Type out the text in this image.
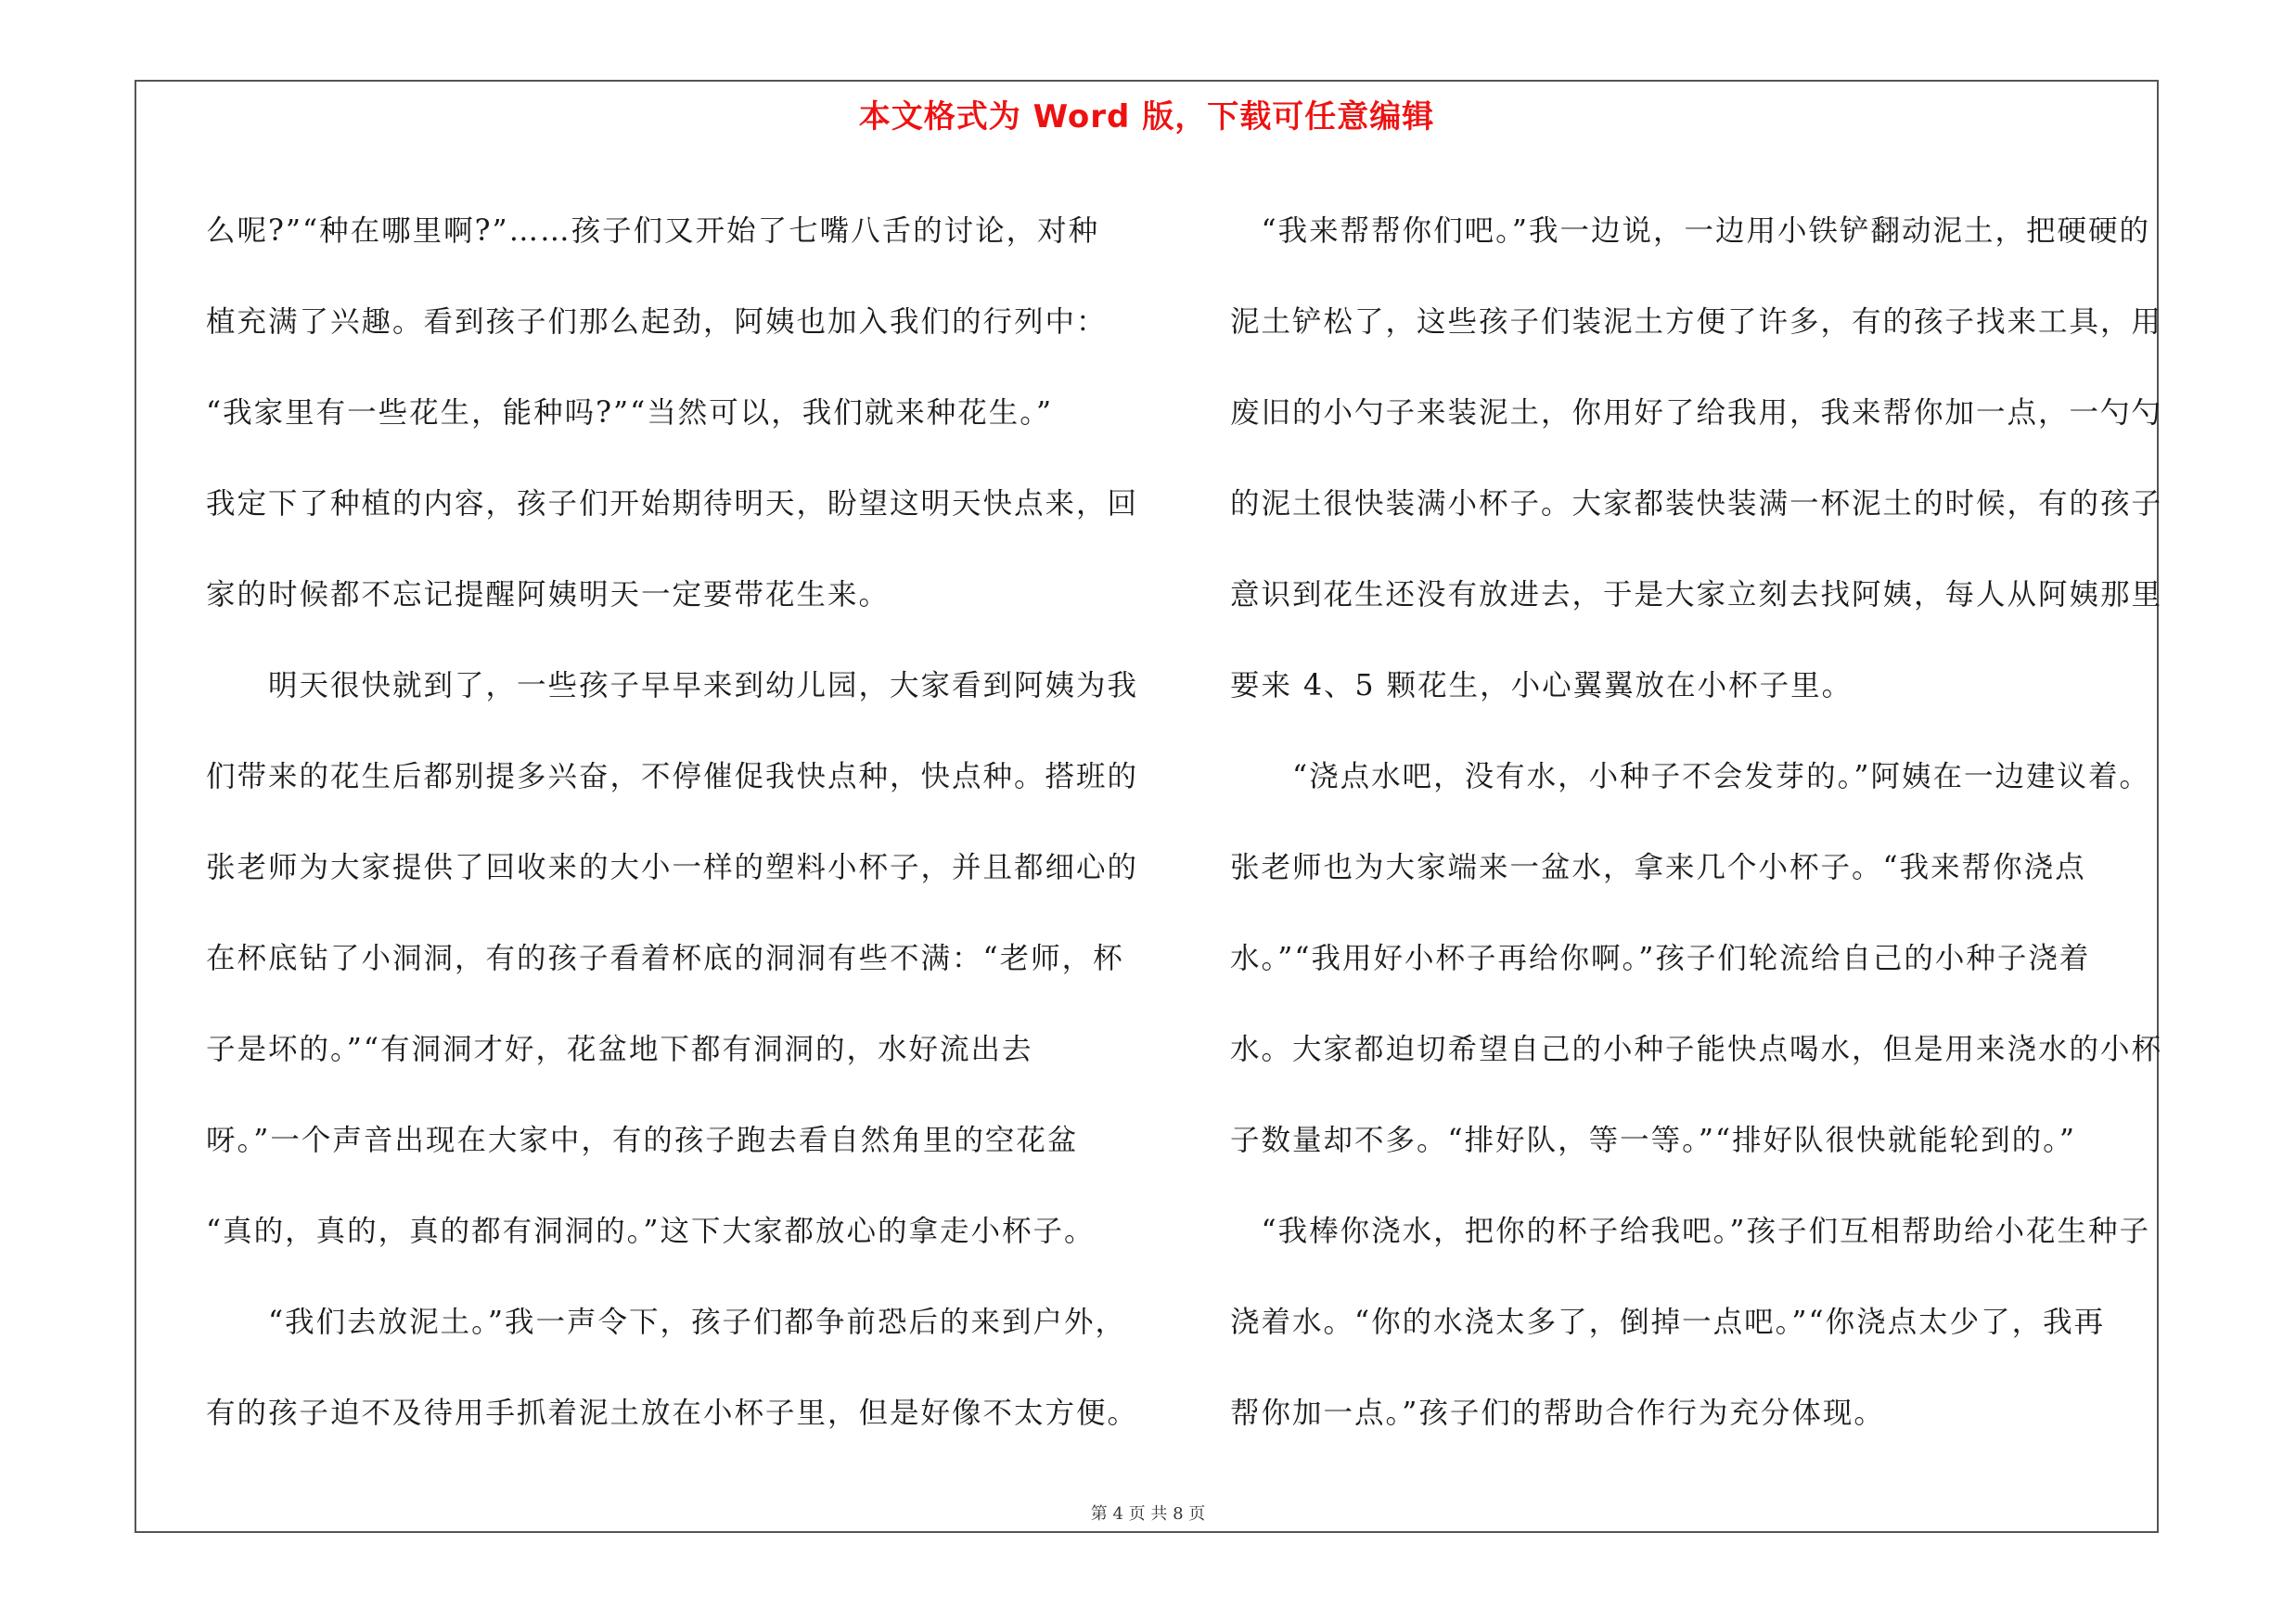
本文格式为 Word 版，下载可任意编辑
么呢?”“种在哪里啊?”……孩子们又开始了七嘴八舌的讨论，对种
植充满了兴趣。看到孩子们那么起劲，阿姨也加入我们的行列中：
“我家里有一些花生，能种吗?”“当然可以，我们就来种花生。”
我定下了种植的内容，孩子们开始期待明天，盼望这明天快点来，回
家的时候都不忘记提醒阿姨明天一定要带花生来。
　　明天很快就到了，一些孩子早早来到幼儿园，大家看到阿姨为我
们带来的花生后都别提多兴奋，不停催促我快点种，快点种。搭班的
张老师为大家提供了回收来的大小一样的塑料小杯子，并且都细心的
在杯底钻了小洞洞，有的孩子看着杯底的洞洞有些不满：“老师，杯
子是坏的。”“有洞洞才好，花盆地下都有洞洞的，水好流出去
呀。”一个声音出现在大家中，有的孩子跑去看自然角里的空花盆
“真的，真的，真的都有洞洞的。”这下大家都放心的拿走小杯子。
　　“我们去放泥土。”我一声令下，孩子们都争前恐后的来到户外，
有的孩子迫不及待用手抓着泥土放在小杯子里，但是好像不太方便。
　“我来帮帮你们吧。”我一边说，一边用小铁铲翻动泥土，把硬硬的
泥土铲松了，这些孩子们装泥土方便了许多，有的孩子找来工具，用
废旧的小勺子来装泥土，你用好了给我用，我来帮你加一点，一勺勺
的泥土很快装满小杯子。大家都装快装满一杯泥土的时候，有的孩子
意识到花生还没有放进去，于是大家立刻去找阿姨，每人从阿姨那里
要来 4、5 颗花生，小心翼翼放在小杯子里。
　　“浇点水吧，没有水，小种子不会发芽的。”阿姨在一边建议着。
张老师也为大家端来一盆水，拿来几个小杯子。“我来帮你浇点
水。”“我用好小杯子再给你啊。”孩子们轮流给自己的小种子浇着
水。大家都迫切希望自己的小种子能快点喝水，但是用来浇水的小杯
子数量却不多。“排好队，等一等。”“排好队很快就能轮到的。”
　“我棒你浇水，把你的杯子给我吧。”孩子们互相帮助给小花生种子
浇着水。“你的水浇太多了，倒掉一点吧。”“你浇点太少了，我再
帮你加一点。”孩子们的帮助合作行为充分体现。
第 4 页 共 8 页
